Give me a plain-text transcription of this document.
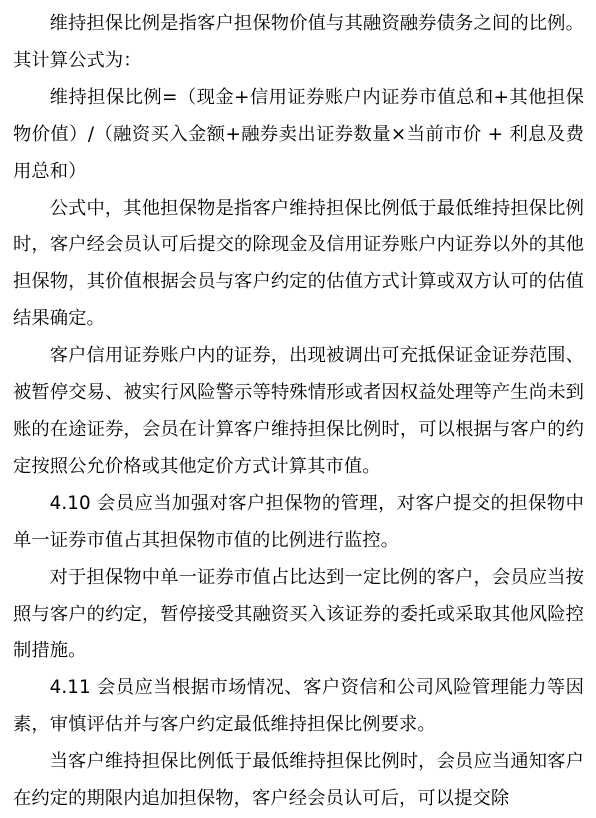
维持担保比例是指客户担保物价值与其融资融券债务之间的比例。其计算公式为：

维持担保比例=（现金+信用证券账户内证券市值总和+其他担保物价值）/（融资买入金额+融券卖出证券数量×当前市价 + 利息及费用总和）

公式中，其他担保物是指客户维持担保比例低于最低维持担保比例时，客户经会员认可后提交的除现金及信用证券账户内证券以外的其他担保物，其价值根据会员与客户约定的估值方式计算或双方认可的估值结果确定。

客户信用证券账户内的证券，出现被调出可充抵保证金证券范围、被暂停交易、被实行风险警示等特殊情形或者因权益处理等产生尚未到账的在途证券，会员在计算客户维持担保比例时，可以根据与客户的约定按照公允价格或其他定价方式计算其市值。

4.10 会员应当加强对客户担保物的管理，对客户提交的担保物中单一证券市值占其担保物市值的比例进行监控。

对于担保物中单一证券市值占比达到一定比例的客户，会员应当按照与客户的约定，暂停接受其融资买入该证券的委托或采取其他风险控制措施。

4.11 会员应当根据市场情况、客户资信和公司风险管理能力等因素，审慎评估并与客户约定最低维持担保比例要求。

当客户维持担保比例低于最低维持担保比例时，会员应当通知客户在约定的期限内追加担保物，客户经会员认可后，可以提交除
